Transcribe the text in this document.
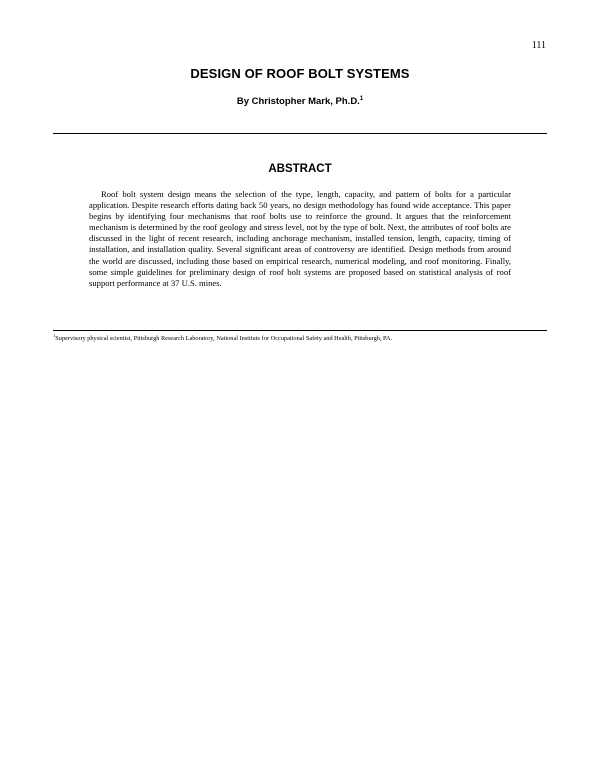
111
DESIGN OF ROOF BOLT SYSTEMS
By Christopher Mark, Ph.D.$^1$
ABSTRACT

Roof bolt system design means the selection of the type, length, capacity, and pattern of bolts for a particular application. Despite research efforts dating back 50 years, no design methodology has found wide acceptance. This paper begins by identifying four mechanisms that roof bolts use to reinforce the ground. It argues that the reinforcement mechanism is determined by the roof geology and stress level, not by the type of bolt. Next, the attributes of roof bolts are discussed in the light of recent research, including anchorage mechanism, installed tension, length, capacity, timing of installation, and installation quality. Several significant areas of controversy are identified. Design methods from around the world are discussed, including those based on empirical research, numerical modeling, and roof monitoring. Finally, some simple guidelines for preliminary design of roof bolt systems are proposed based on statistical analysis of roof support performance at 37 U.S. mines.

$^1$Supervisory physical scientist, Pittsburgh Research Laboratory, National Institute for Occupational Safety and Health, Pittsburgh, PA.
